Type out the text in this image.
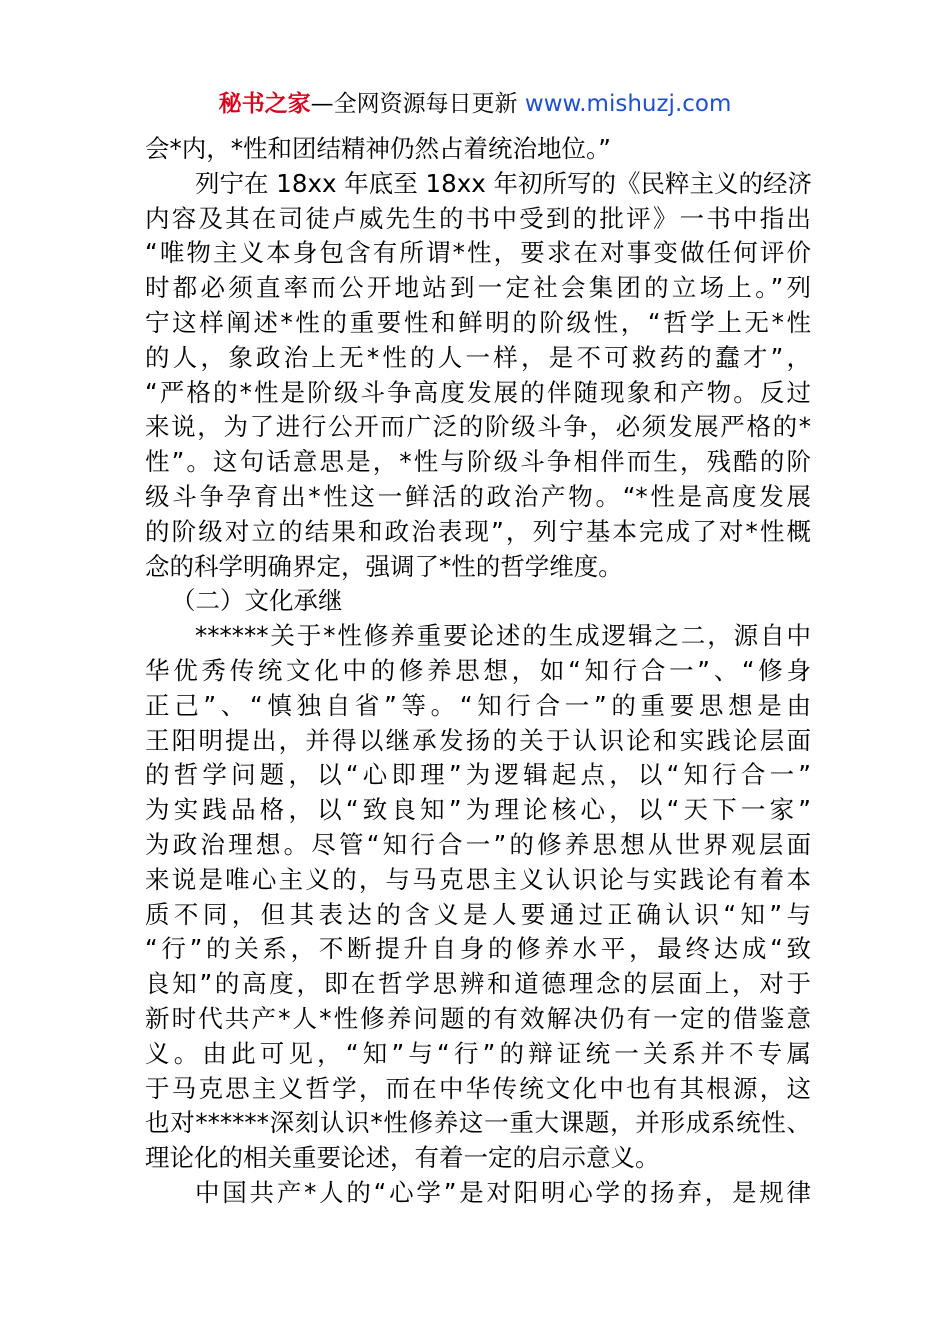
秘书之家—全网资源每日更新 www.mishuzj.com

会*内，*性和团结精神仍然占着统治地位。”

列宁在 18xx 年底至 18xx 年初所写的《民粹主义的经济
内容及其在司徒卢威先生的书中受到的批评》一书中指出
“唯物主义本身包含有所谓*性，要求在对事变做任何评价
时都必须直率而公开地站到一定社会集团的立场上。”列
宁这样阐述*性的重要性和鲜明的阶级性，“哲学上无*性
的人，象政治上无*性的人一样，是不可救药的蠢才”，
“严格的*性是阶级斗争高度发展的伴随现象和产物。反过
来说，为了进行公开而广泛的阶级斗争，必须发展严格的*
性”。这句话意思是，*性与阶级斗争相伴而生，残酷的阶
级斗争孕育出*性这一鲜活的政治产物。“*性是高度发展
的阶级对立的结果和政治表现”，列宁基本完成了对*性概
念的科学明确界定，强调了*性的哲学维度。

（二）文化承继

******关于*性修养重要论述的生成逻辑之二，源自中
华优秀传统文化中的修养思想，如“知行合一”、“修身
正己”、“慎独自省”等。“知行合一”的重要思想是由
王阳明提出，并得以继承发扬的关于认识论和实践论层面
的哲学问题，以“心即理”为逻辑起点，以“知行合一”
为实践品格，以“致良知”为理论核心，以“天下一家”
为政治理想。尽管“知行合一”的修养思想从世界观层面
来说是唯心主义的，与马克思主义认识论与实践论有着本
质不同，但其表达的含义是人要通过正确认识“知”与
“行”的关系，不断提升自身的修养水平，最终达成“致
良知”的高度，即在哲学思辨和道德理念的层面上，对于
新时代共产*人*性修养问题的有效解决仍有一定的借鉴意
义。由此可见，“知”与“行”的辩证统一关系并不专属
于马克思主义哲学，而在中华传统文化中也有其根源，这
也对******深刻认识*性修养这一重大课题，并形成系统性、
理论化的相关重要论述，有着一定的启示意义。

中国共产*人的“心学”是对阳明心学的扬弃，是规律
